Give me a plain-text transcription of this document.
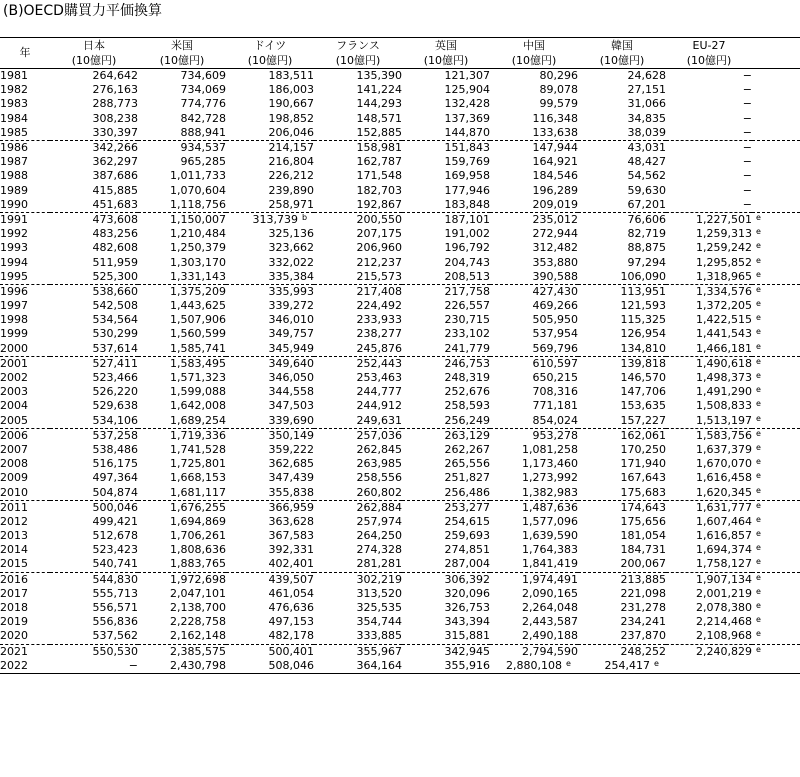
(B)OECD購買力平価換算
年	日本	米国	ドイツ	フランス	英国	中国	韓国	EU-27	
	(10億円)	(10億円)	(10億円)	(10億円)	(10億円)	(10億円)	(10億円)	(10億円)	
1981	264,642	734,609	183,511	135,390	121,307	80,296	24,628	−	
1982	276,163	734,069	186,003	141,224	125,904	89,078	27,151	−	
1983	288,773	774,776	190,667	144,293	132,428	99,579	31,066	−	
1984	308,238	842,728	198,852	148,571	137,369	116,348	34,835	−	
1985	330,397	888,941	206,046	152,885	144,870	133,638	38,039	−	
1986	342,266	934,537	214,157	158,981	151,843	147,944	43,031	−	
1987	362,297	965,285	216,804	162,787	159,769	164,921	48,427	−	
1988	387,686	1,011,733	226,212	171,548	169,958	184,546	54,562	−	
1989	415,885	1,070,604	239,890	182,703	177,946	196,289	59,630	−	
1990	451,683	1,118,756	258,971	192,867	183,848	209,019	67,201	−	
1991	473,608	1,150,007	313,739 b	200,550	187,101	235,012	76,606	1,227,501	e
1992	483,256	1,210,484	325,136	207,175	191,002	272,944	82,719	1,259,313	e
1993	482,608	1,250,379	323,662	206,960	196,792	312,482	88,875	1,259,242	e
1994	511,959	1,303,170	332,022	212,237	204,743	353,880	97,294	1,295,852	e
1995	525,300	1,331,143	335,384	215,573	208,513	390,588	106,090	1,318,965	e
1996	538,660	1,375,209	335,993	217,408	217,758	427,430	113,951	1,334,576	e
1997	542,508	1,443,625	339,272	224,492	226,557	469,266	121,593	1,372,205	e
1998	534,564	1,507,906	346,010	233,933	230,715	505,950	115,325	1,422,515	e
1999	530,299	1,560,599	349,757	238,277	233,102	537,954	126,954	1,441,543	e
2000	537,614	1,585,741	345,949	245,876	241,779	569,796	134,810	1,466,181	e
2001	527,411	1,583,495	349,640	252,443	246,753	610,597	139,818	1,490,618	e
2002	523,466	1,571,323	346,050	253,463	248,319	650,215	146,570	1,498,373	e
2003	526,220	1,599,088	344,558	244,777	252,676	708,316	147,706	1,491,290	e
2004	529,638	1,642,008	347,503	244,912	258,593	771,181	153,635	1,508,833	e
2005	534,106	1,689,254	339,690	249,631	256,249	854,024	157,227	1,513,197	e
2006	537,258	1,719,336	350,149	257,036	263,129	953,278	162,061	1,583,756	e
2007	538,486	1,741,528	359,222	262,845	262,267	1,081,258	170,250	1,637,379	e
2008	516,175	1,725,801	362,685	263,985	265,556	1,173,460	171,940	1,670,070	e
2009	497,364	1,668,153	347,439	258,556	251,827	1,273,992	167,643	1,616,458	e
2010	504,874	1,681,117	355,838	260,802	256,486	1,382,983	175,683	1,620,345	e
2011	500,046	1,676,255	366,959	262,884	253,277	1,487,636	174,643	1,631,777	e
2012	499,421	1,694,869	363,628	257,974	254,615	1,577,096	175,656	1,607,464	e
2013	512,678	1,706,261	367,583	264,250	259,693	1,639,590	181,054	1,616,857	e
2014	523,423	1,808,636	392,331	274,328	274,851	1,764,383	184,731	1,694,374	e
2015	540,741	1,883,765	402,401	281,281	287,004	1,841,419	200,067	1,758,127	e
2016	544,830	1,972,698	439,507	302,219	306,392	1,974,491	213,885	1,907,134	e
2017	555,713	2,047,101	461,054	313,520	320,096	2,090,165	221,098	2,001,219	e
2018	556,571	2,138,700	476,636	325,535	326,753	2,264,048	231,278	2,078,380	e
2019	556,836	2,228,758	497,153	354,744	343,394	2,443,587	234,241	2,214,468	e
2020	537,562	2,162,148	482,178	333,885	315,881	2,490,188	237,870	2,108,968	e
2021	550,530	2,385,575	500,401	355,967	342,945	2,794,590	248,252	2,240,829	e
2022	−	2,430,798	508,046	364,164	355,916	2,880,108 e	254,417 e		
